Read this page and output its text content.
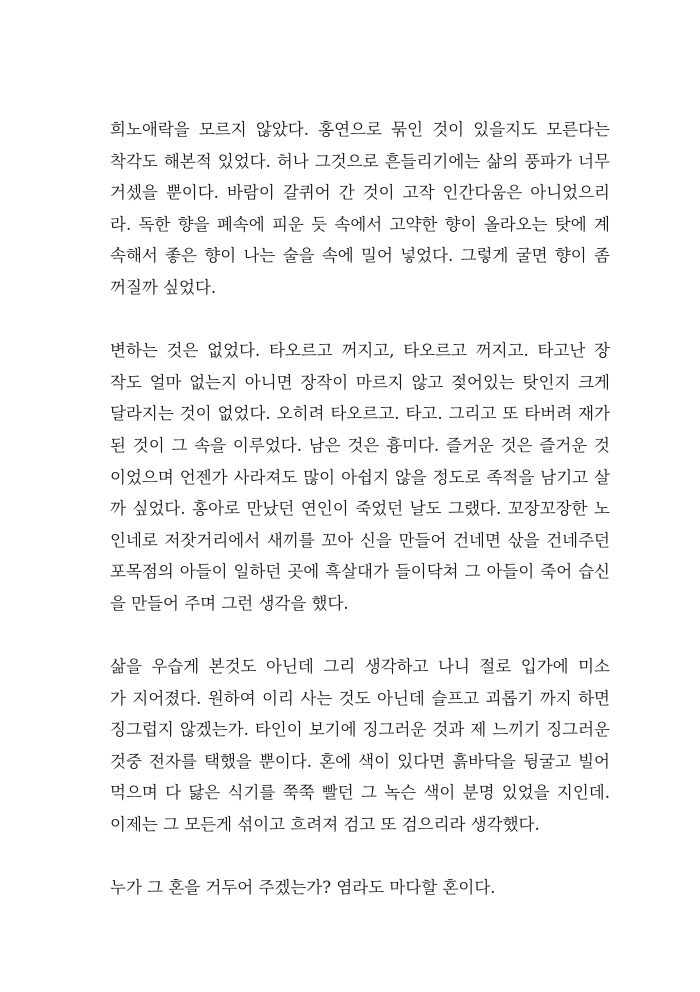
희노애락을 모르지 않았다. 홍연으로 묶인 것이 있을지도 모른다는
착각도 해본적 있었다. 허나 그것으로 흔들리기에는 삶의 풍파가 너무
거셌을 뿐이다. 바람이 갈퀴어 간 것이 고작 인간다움은 아니었으리
라. 독한 향을 폐속에 피운 듯 속에서 고약한 향이 올라오는 탓에 계
속해서 좋은 향이 나는 술을 속에 밀어 넣었다. 그렇게 굴면 향이 좀
꺼질까 싶었다.

변하는 것은 없었다. 타오르고 꺼지고, 타오르고 꺼지고. 타고난 장
작도 얼마 없는지 아니면 장작이 마르지 않고 젖어있는 탓인지 크게
달라지는 것이 없었다. 오히려 타오르고. 타고. 그리고 또 타버려 재가
된 것이 그 속을 이루었다. 남은 것은 흉미다. 즐거운 것은 즐거운 것
이었으며 언젠가 사라져도 많이 아쉽지 않을 정도로 족적을 남기고 살
까 싶었다. 홍아로 만났던 연인이 죽었던 날도 그랬다. 꼬장꼬장한 노
인네로 저잣거리에서 새끼를 꼬아 신을 만들어 건네면 삯을 건네주던
포목점의 아들이 일하던 곳에 흑살대가 들이닥쳐 그 아들이 죽어 습신
을 만들어 주며 그런 생각을 했다.

삶을 우습게 본것도 아닌데 그리 생각하고 나니 절로 입가에 미소
가 지어졌다. 원하여 이리 사는 것도 아닌데 슬프고 괴롭기 까지 하면
징그럽지 않겠는가. 타인이 보기에 징그러운 것과 제 느끼기 징그러운
것중 전자를 택했을 뿐이다. 혼에 색이 있다면 흙바닥을 뒹굴고 빌어
먹으며 다 닳은 식기를 쭉쭉 빨던 그 녹슨 색이 분명 있었을 지인데.
이제는 그 모든게 섞이고 흐려져 검고 또 검으리라 생각했다.

누가 그 혼을 거두어 주겠는가? 염라도 마다할 혼이다.
